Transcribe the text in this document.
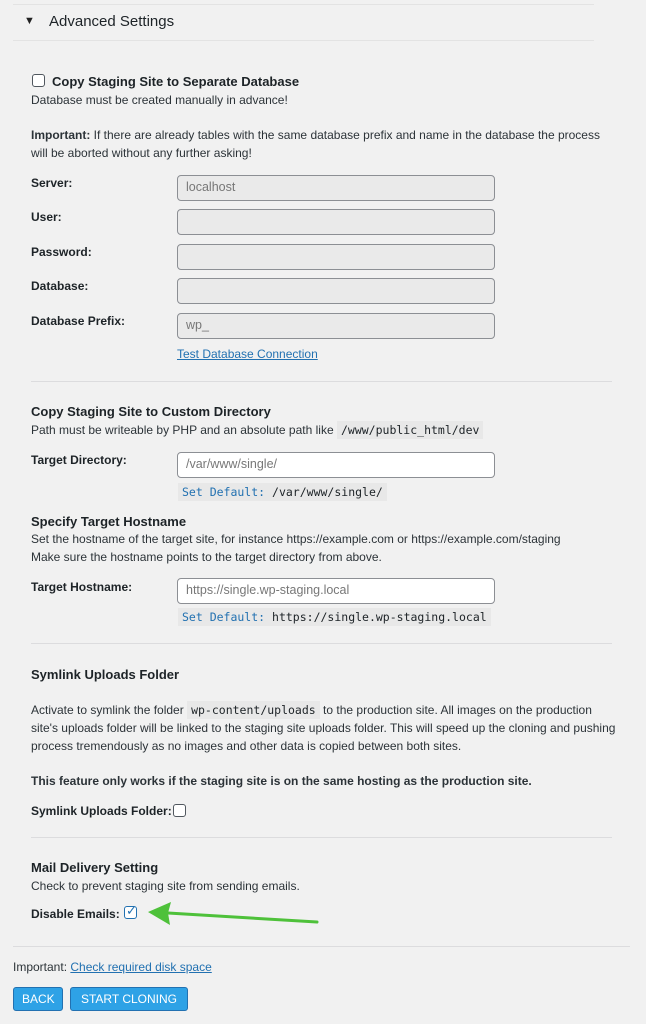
▼ Advanced Settings
Copy Staging Site to Separate Database
Database must be created manually in advance!
Important: If there are already tables with the same database prefix and name in the database the process will be aborted without any further asking!
Server:	localhost
User:
Password:
Database:
Database Prefix:	wp_
Test Database Connection
Copy Staging Site to Custom Directory
Path must be writeable by PHP and an absolute path like /www/public_html/dev
Target Directory:	/var/www/single/
Set Default: /var/www/single/
Specify Target Hostname
Set the hostname of the target site, for instance https://example.com or https://example.com/staging
Make sure the hostname points to the target directory from above.
Target Hostname:	https://single.wp-staging.local
Set Default: https://single.wp-staging.local
Symlink Uploads Folder
Activate to symlink the folder wp-content/uploads to the production site. All images on the production
site's uploads folder will be linked to the staging site uploads folder. This will speed up the cloning and pushing
process tremendously as no images and other data is copied between both sites.
This feature only works if the staging site is on the same hosting as the production site.
Symlink Uploads Folder:
Mail Delivery Setting
Check to prevent staging site from sending emails.
Disable Emails: ✓
Important: Check required disk space
BACK	START CLONING
